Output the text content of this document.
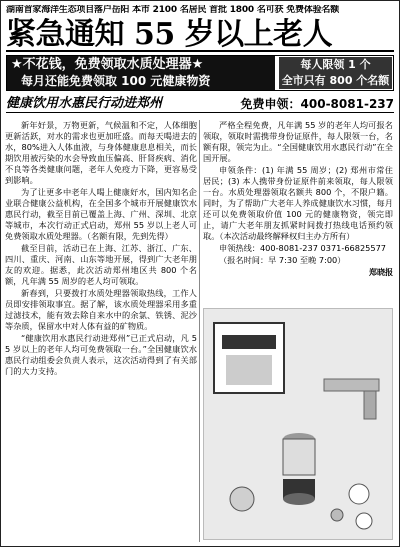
湖南首家海洋生态项目落户岳阳 本市 2100 名居民 首批 1800 名可获 免费体验名额
紧急通知 55 岁以上老人
★不花钱，免费领取水质处理器★
每月还能免费领取 100 元健康物资
每人限领 1 个
全市只有 800 个名额
健康饮用水惠民行动进郑州	免费申领：400-8081-237

新年好景，万物更新，气候温和不定，人体细胞更新活跃，对水的需求也更加旺盛。而每天喝进去的水，80%进入人体血液，与身体健康息息相关，而长期饮用被污染的水会导致血压偏高、肝肾疾病、消化不良等各类健康问题，老年人免疫力下降，更容易受到影响。

为了让更多中老年人喝上健康好水，国内知名企业联合健康公益机构，在全国多个城市开展健康饮水惠民行动，截至目前已覆盖上海、广州、深圳、北京等城市，本次行动正式启动，郑州 55 岁以上老人可免费领取水质处理器。（名额有限，先到先得）

截至目前，活动已在上海、江苏、浙江、广东、四川、重庆、河南、山东等地开展，得到广大老年朋友的欢迎。据悉，此次活动郑州地区共 800 个名额，凡年满 55 周岁的老人均可领取。

新春到，只要拨打水质处理器领取热线，工作人员即安排领取事宜。据了解，该水质处理器采用多重过滤技术，能有效去除自来水中的余氯、铁锈、泥沙等杂质，保留水中对人体有益的矿物质。

“健康饮用水惠民行动进郑州”已正式启动，凡 55 岁以上的老年人均可免费领取一台。”全国健康饮水惠民行动组委会负责人表示，这次活动得到了有关部门的大力支持。

严格全程免费，凡年满 55 岁的老年人均可报名领取，领取时需携带身份证原件，每人限领一台，名额有限，领完为止。“全国健康饮用水惠民行动”在全国开展。

申领条件：(1) 年满 55 周岁；(2) 郑州市常住居民；(3) 本人携带身份证原件前来领取，每人限领一台。水质处理器领取名额共 800 个，不限户籍。同时，为了帮助广大老年人养成健康饮水习惯，每月还可以免费领取价值 100 元的健康物资，领完即止，请广大老年朋友抓紧时间拨打热线电话预约领取。（本次活动最终解释权归主办方所有）

申领热线：400-8081-237 0371-66825577

（报名时间：早 7:30 至晚 7:00）

郑晓报
